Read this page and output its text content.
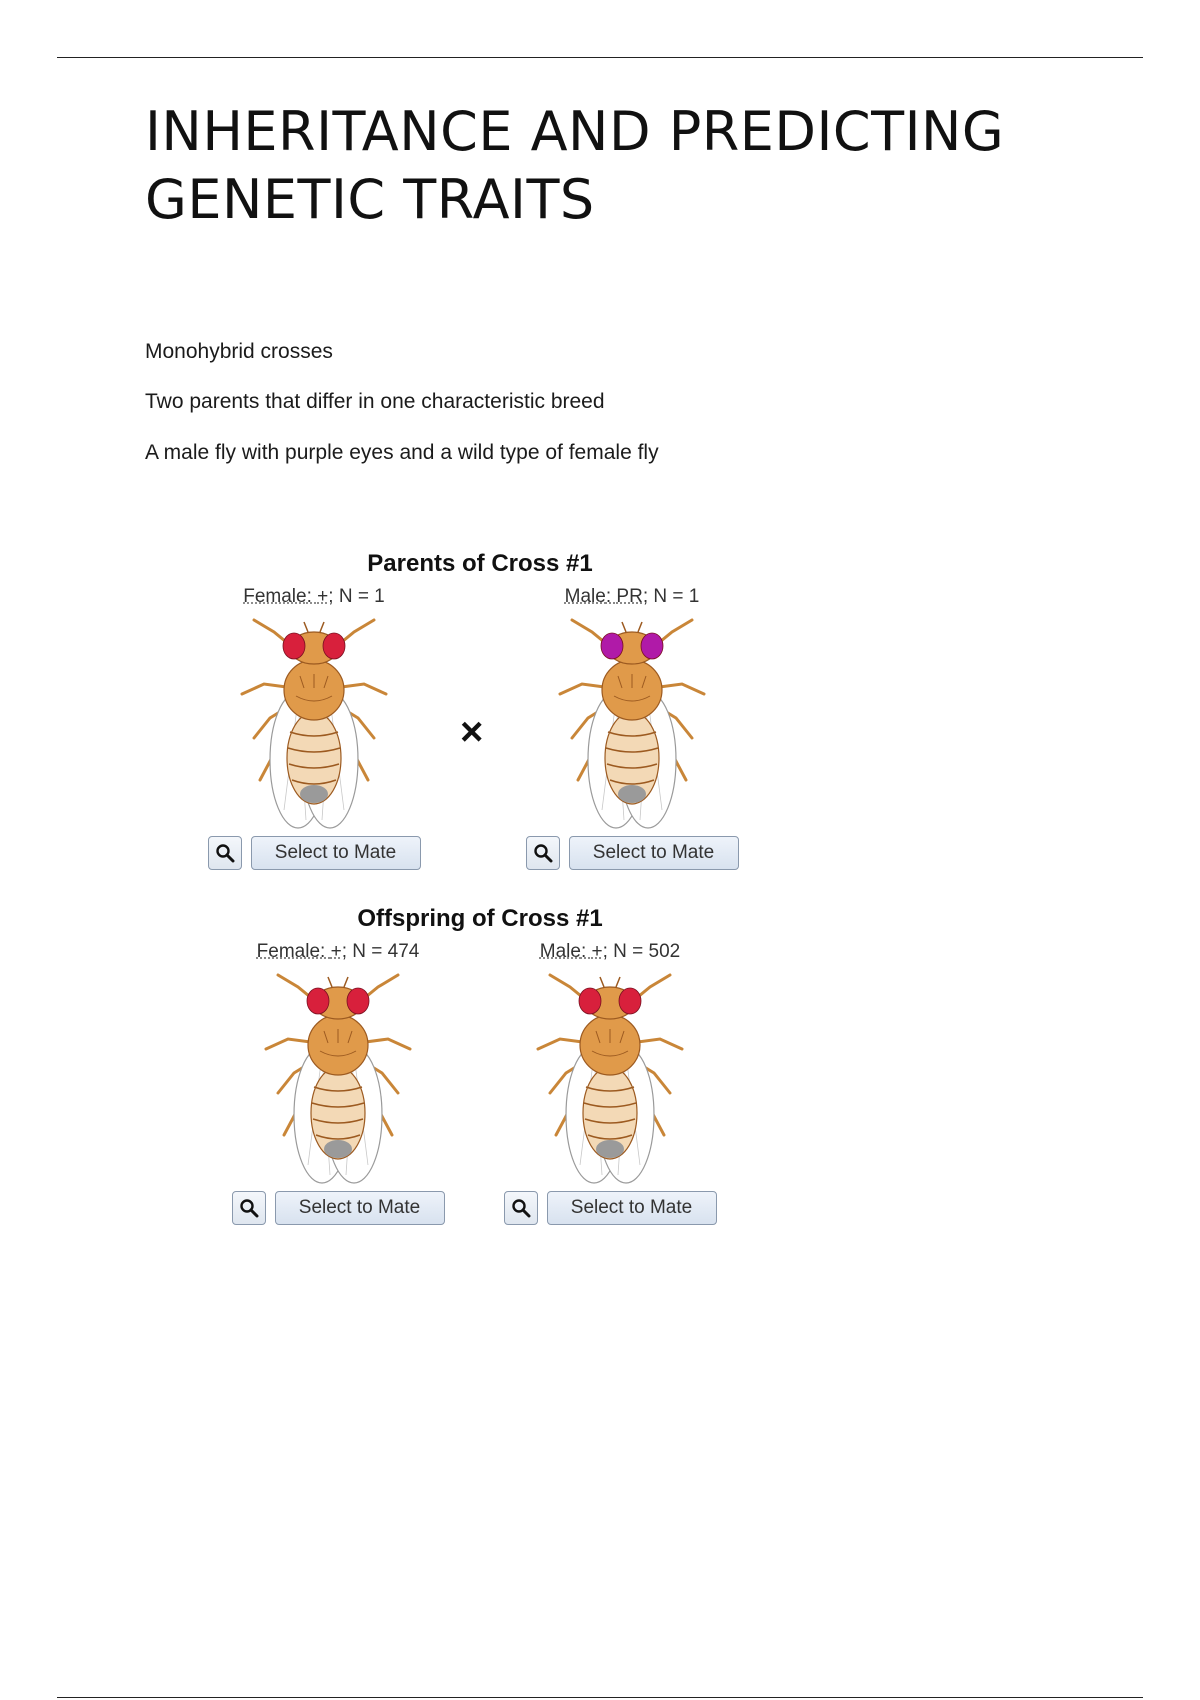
INHERITANCE AND PREDICTING GENETIC TRAITS

Monohybrid crosses

Two parents that differ in one characteristic breed

A male fly with purple eyes and a wild type of female fly

Parents of Cross #1
Female: +; N = 1
Select to Mate
×
Male: PR; N = 1
Select to Mate
Offspring of Cross #1
Female: +; N = 474
Select to Mate
Male: +; N = 502
Select to Mate
